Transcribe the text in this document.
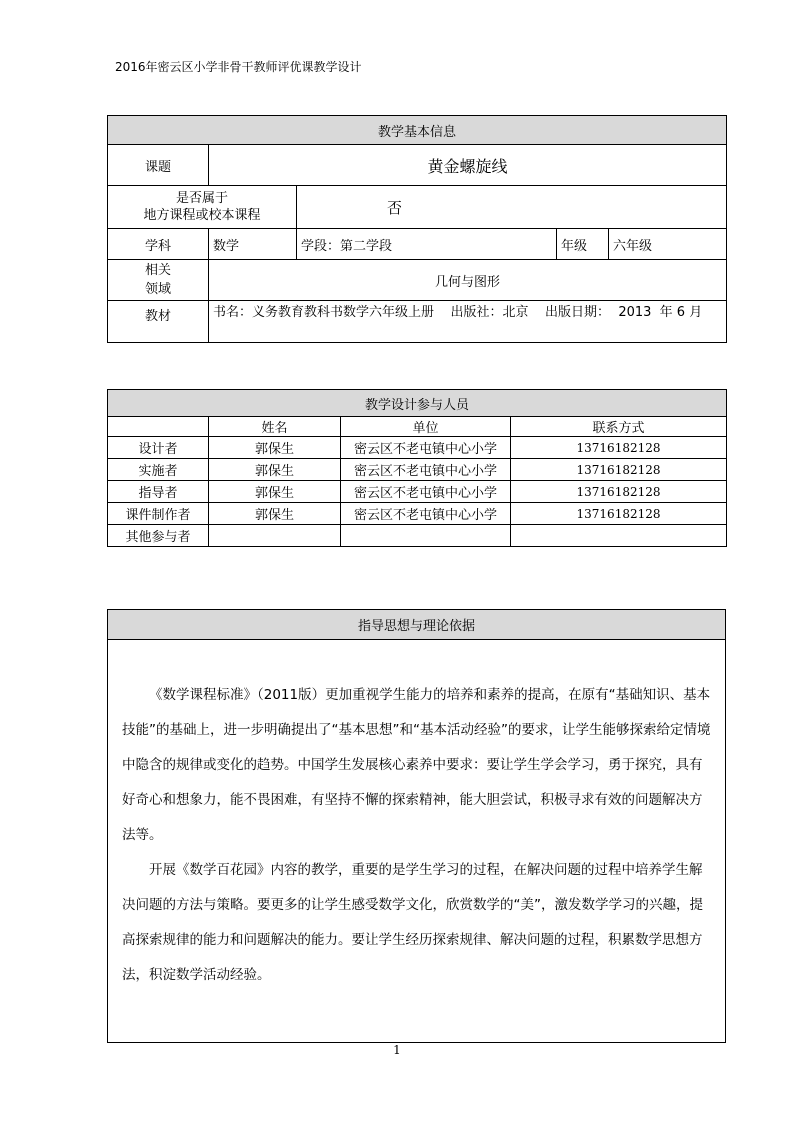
2016年密云区小学非骨干教师评优课教学设计
教学基本信息				
课题	黄金螺旋线			
是否属于
地方课程或校本课程		否		
学科	数学	学段：第二学段	年级	六年级
相关
领域	几何与图形			
教材	书名：义务教育教科书数学六年级上册    出版社：北京    出版日期：  2013  年 6 月			
教学设计参与人员			
	姓名	单位	联系方式
设计者	郭保生	密云区不老屯镇中心小学	13716182128
实施者	郭保生	密云区不老屯镇中心小学	13716182128
指导者	郭保生	密云区不老屯镇中心小学	13716182128
课件制作者	郭保生	密云区不老屯镇中心小学	13716182128
其他参与者			
指导思想与理论依据

《数学课程标准》（2011版）更加重视学生能力的培养和素养的提高，在原有“基础知识、基本技能”的基础上，进一步明确提出了“基本思想”和“基本活动经验”的要求，让学生能够探索给定情境中隐含的规律或变化的趋势。中国学生发展核心素养中要求：要让学生学会学习，勇于探究，具有好奇心和想象力，能不畏困难，有坚持不懈的探索精神，能大胆尝试，积极寻求有效的问题解决方法等。
开展《数学百花园》内容的教学，重要的是学生学习的过程，在解决问题的过程中培养学生解决问题的方法与策略。要更多的让学生感受数学文化，欣赏数学的“美”，激发数学学习的兴趣，提高探索规律的能力和问题解决的能力。要让学生经历探索规律、解决问题的过程，积累数学思想方法，积淀数学活动经验。
1
